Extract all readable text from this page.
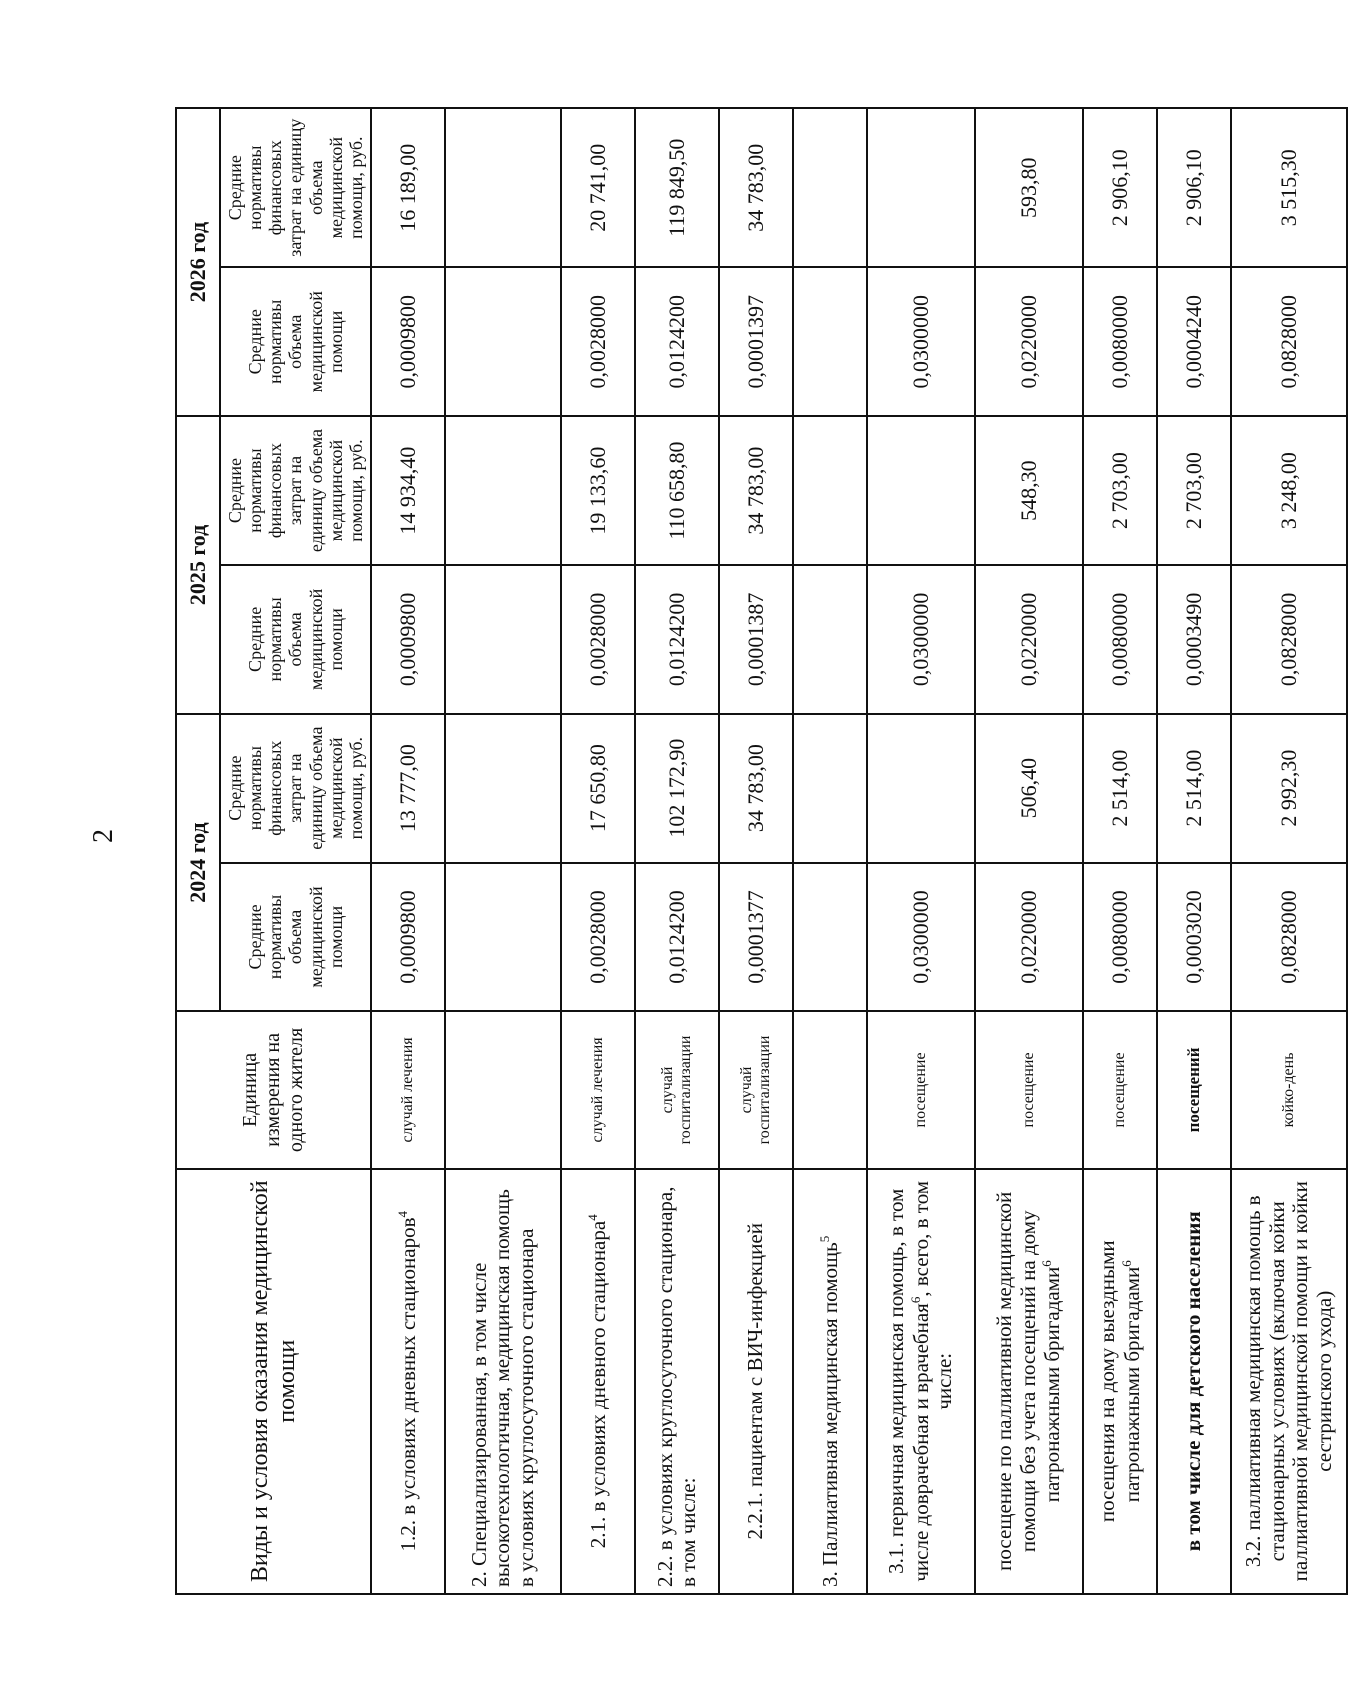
2
Виды и условия оказания медицинской помощи	Единица измерения на одного жителя	2024 год		2025 год		2026 год	
		Средние нормативы объема медицинской помощи	Средние нормативы финансовых затрат на единицу объема медицинской помощи, руб.	Средние нормативы объема медицинской помощи	Средние нормативы финансовых затрат на единицу объема медицинской помощи, руб.	Средние нормативы объема медицинской помощи	Средние нормативы финансовых затрат на единицу объема медицинской помощи, руб.
1.2. в условиях дневных стационаров$^4$	случай лечения	0,0009800	13 777,00	0,0009800	14 934,40	0,0009800	16 189,00
2. Специализированная, в том числе высокотехнологичная, медицинская помощь в условиях круглосуточного стационара							
2.1. в условиях дневного стационара$^4$	случай лечения	0,0028000	17 650,80	0,0028000	19 133,60	0,0028000	20 741,00
2.2. в условиях круглосуточного стационара, в том числе:	случай госпитализации	0,0124200	102 172,90	0,0124200	110 658,80	0,0124200	119 849,50
2.2.1. пациентам с ВИЧ-инфекцией	случай госпитализации	0,0001377	34 783,00	0,0001387	34 783,00	0,0001397	34 783,00
3. Паллиативная медицинская помощь$^5$							
3.1. первичная медицинская помощь, в том числе доврачебная и врачебная$^6$, всего, в том числе:	посещение	0,0300000		0,0300000		0,0300000	
посещение по паллиативной медицинской помощи без учета посещений на дому патронажными бригадами$^6$	посещение	0,0220000	506,40	0,0220000	548,30	0,0220000	593,80
посещения на дому выездными патронажными бригадами$^6$	посещение	0,0080000	2 514,00	0,0080000	2 703,00	0,0080000	2 906,10
в том числе для детского населения	посещений	0,0003020	2 514,00	0,0003490	2 703,00	0,0004240	2 906,10
3.2. паллиативная медицинская помощь в стационарных условиях (включая койки паллиативной медицинской помощи и койки сестринского ухода)	койко-день	0,0828000	2 992,30	0,0828000	3 248,00	0,0828000	3 515,30
